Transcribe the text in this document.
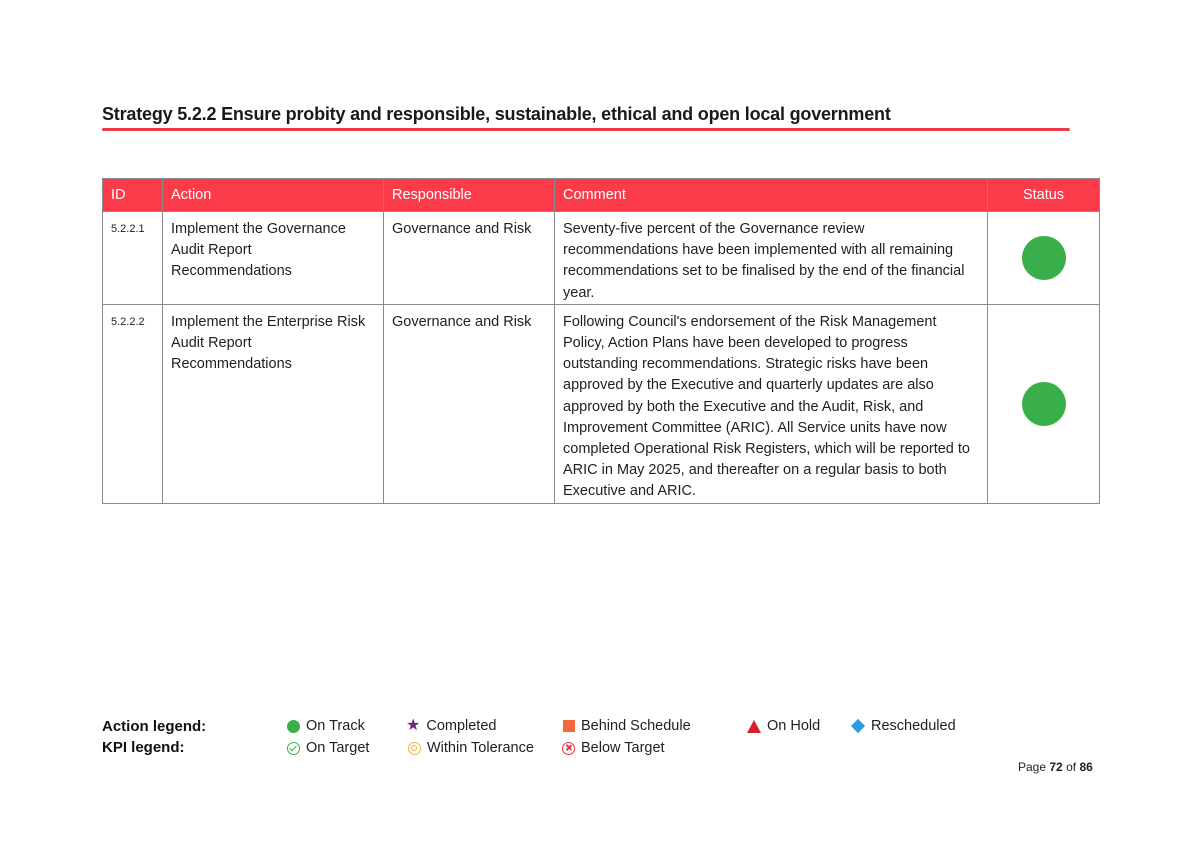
Strategy 5.2.2 Ensure probity and responsible, sustainable, ethical and open local government
ID	Action	Responsible	Comment	Status
5.2.2.1	Implement the Governance Audit Report Recommendations	Governance and Risk	Seventy-five percent of the Governance review recommendations have been implemented with all remaining recommendations set to be finalised by the end of the financial year.	

5.2.2.2	Implement the Enterprise Risk Audit Report Recommendations	Governance and Risk	Following Council's endorsement of the Risk Management Policy, Action Plans have been developed to progress outstanding recommendations. Strategic risks have been approved by the Executive and quarterly updates are also approved by both the Executive and the Audit, Risk, and Improvement Committee (ARIC). All Service units have now completed Operational Risk Registers, which will be reported to ARIC in May 2025, and thereafter on a regular basis to both Executive and ARIC.	
Action legend:
KPI legend:
On Track	★ Completed	Behind Schedule	On Hold	Rescheduled
On Target	Within Tolerance	Below Target
Page 72 of 86
